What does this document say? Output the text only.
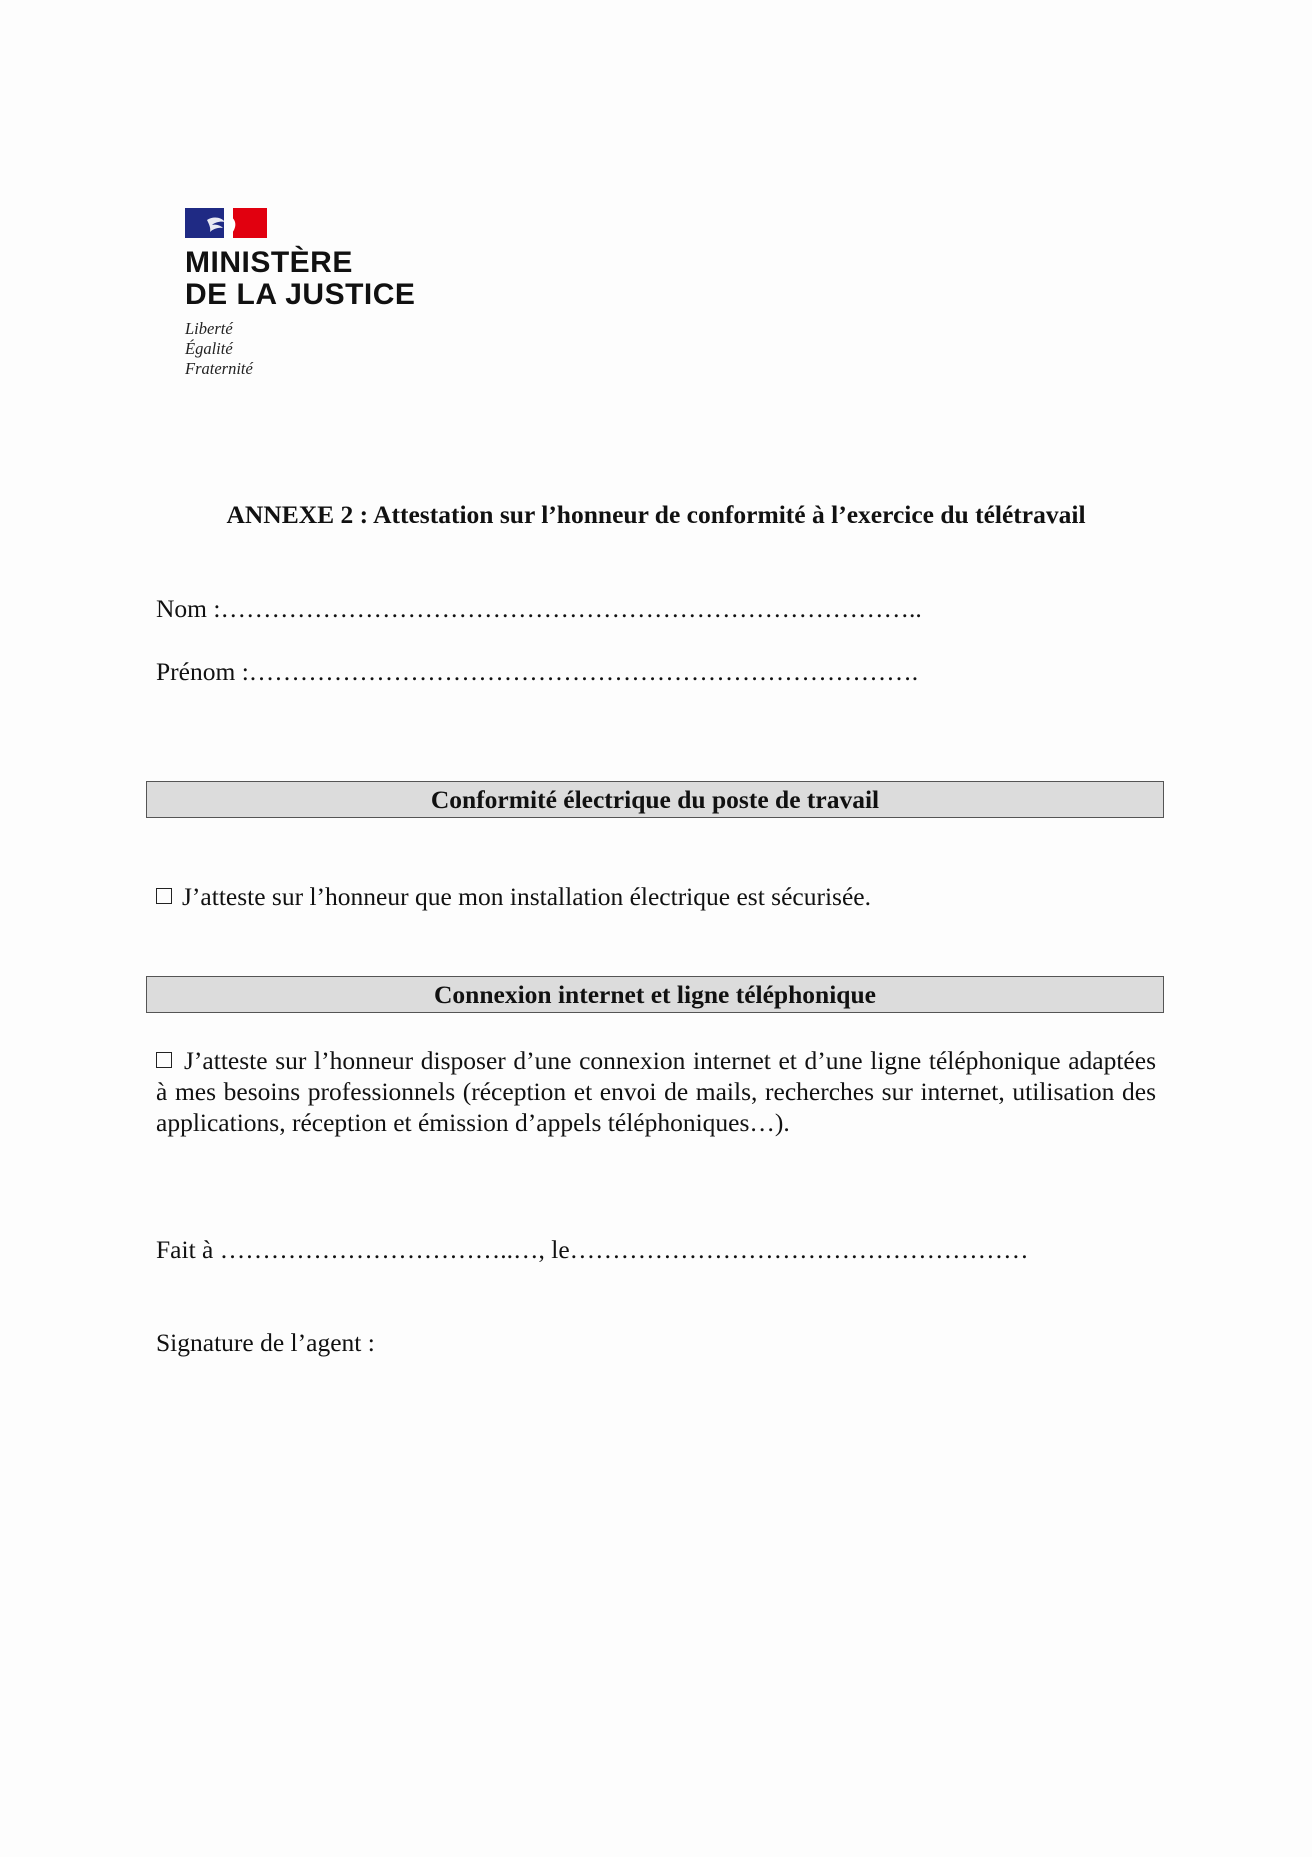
MINISTÈRE
DE LA JUSTICE
Liberté
Égalité
Fraternité
ANNEXE 2 : Attestation sur l’honneur de conformité à l’exercice du télétravail
Nom :………………………………………………………………………..
Prénom :…………………………………………………………………….
Conformité électrique du poste de travail
J’atteste sur l’honneur que mon installation électrique est sécurisée.
Connexion internet et ligne téléphonique
J’atteste sur l’honneur disposer d’une connexion internet et d’une ligne téléphonique adaptées à mes besoins professionnels (réception et envoi de mails, recherches sur internet, utilisation des applications, réception et émission d’appels téléphoniques…).
Fait à ……………………………..…, le………………………………………………
Signature de l’agent :
